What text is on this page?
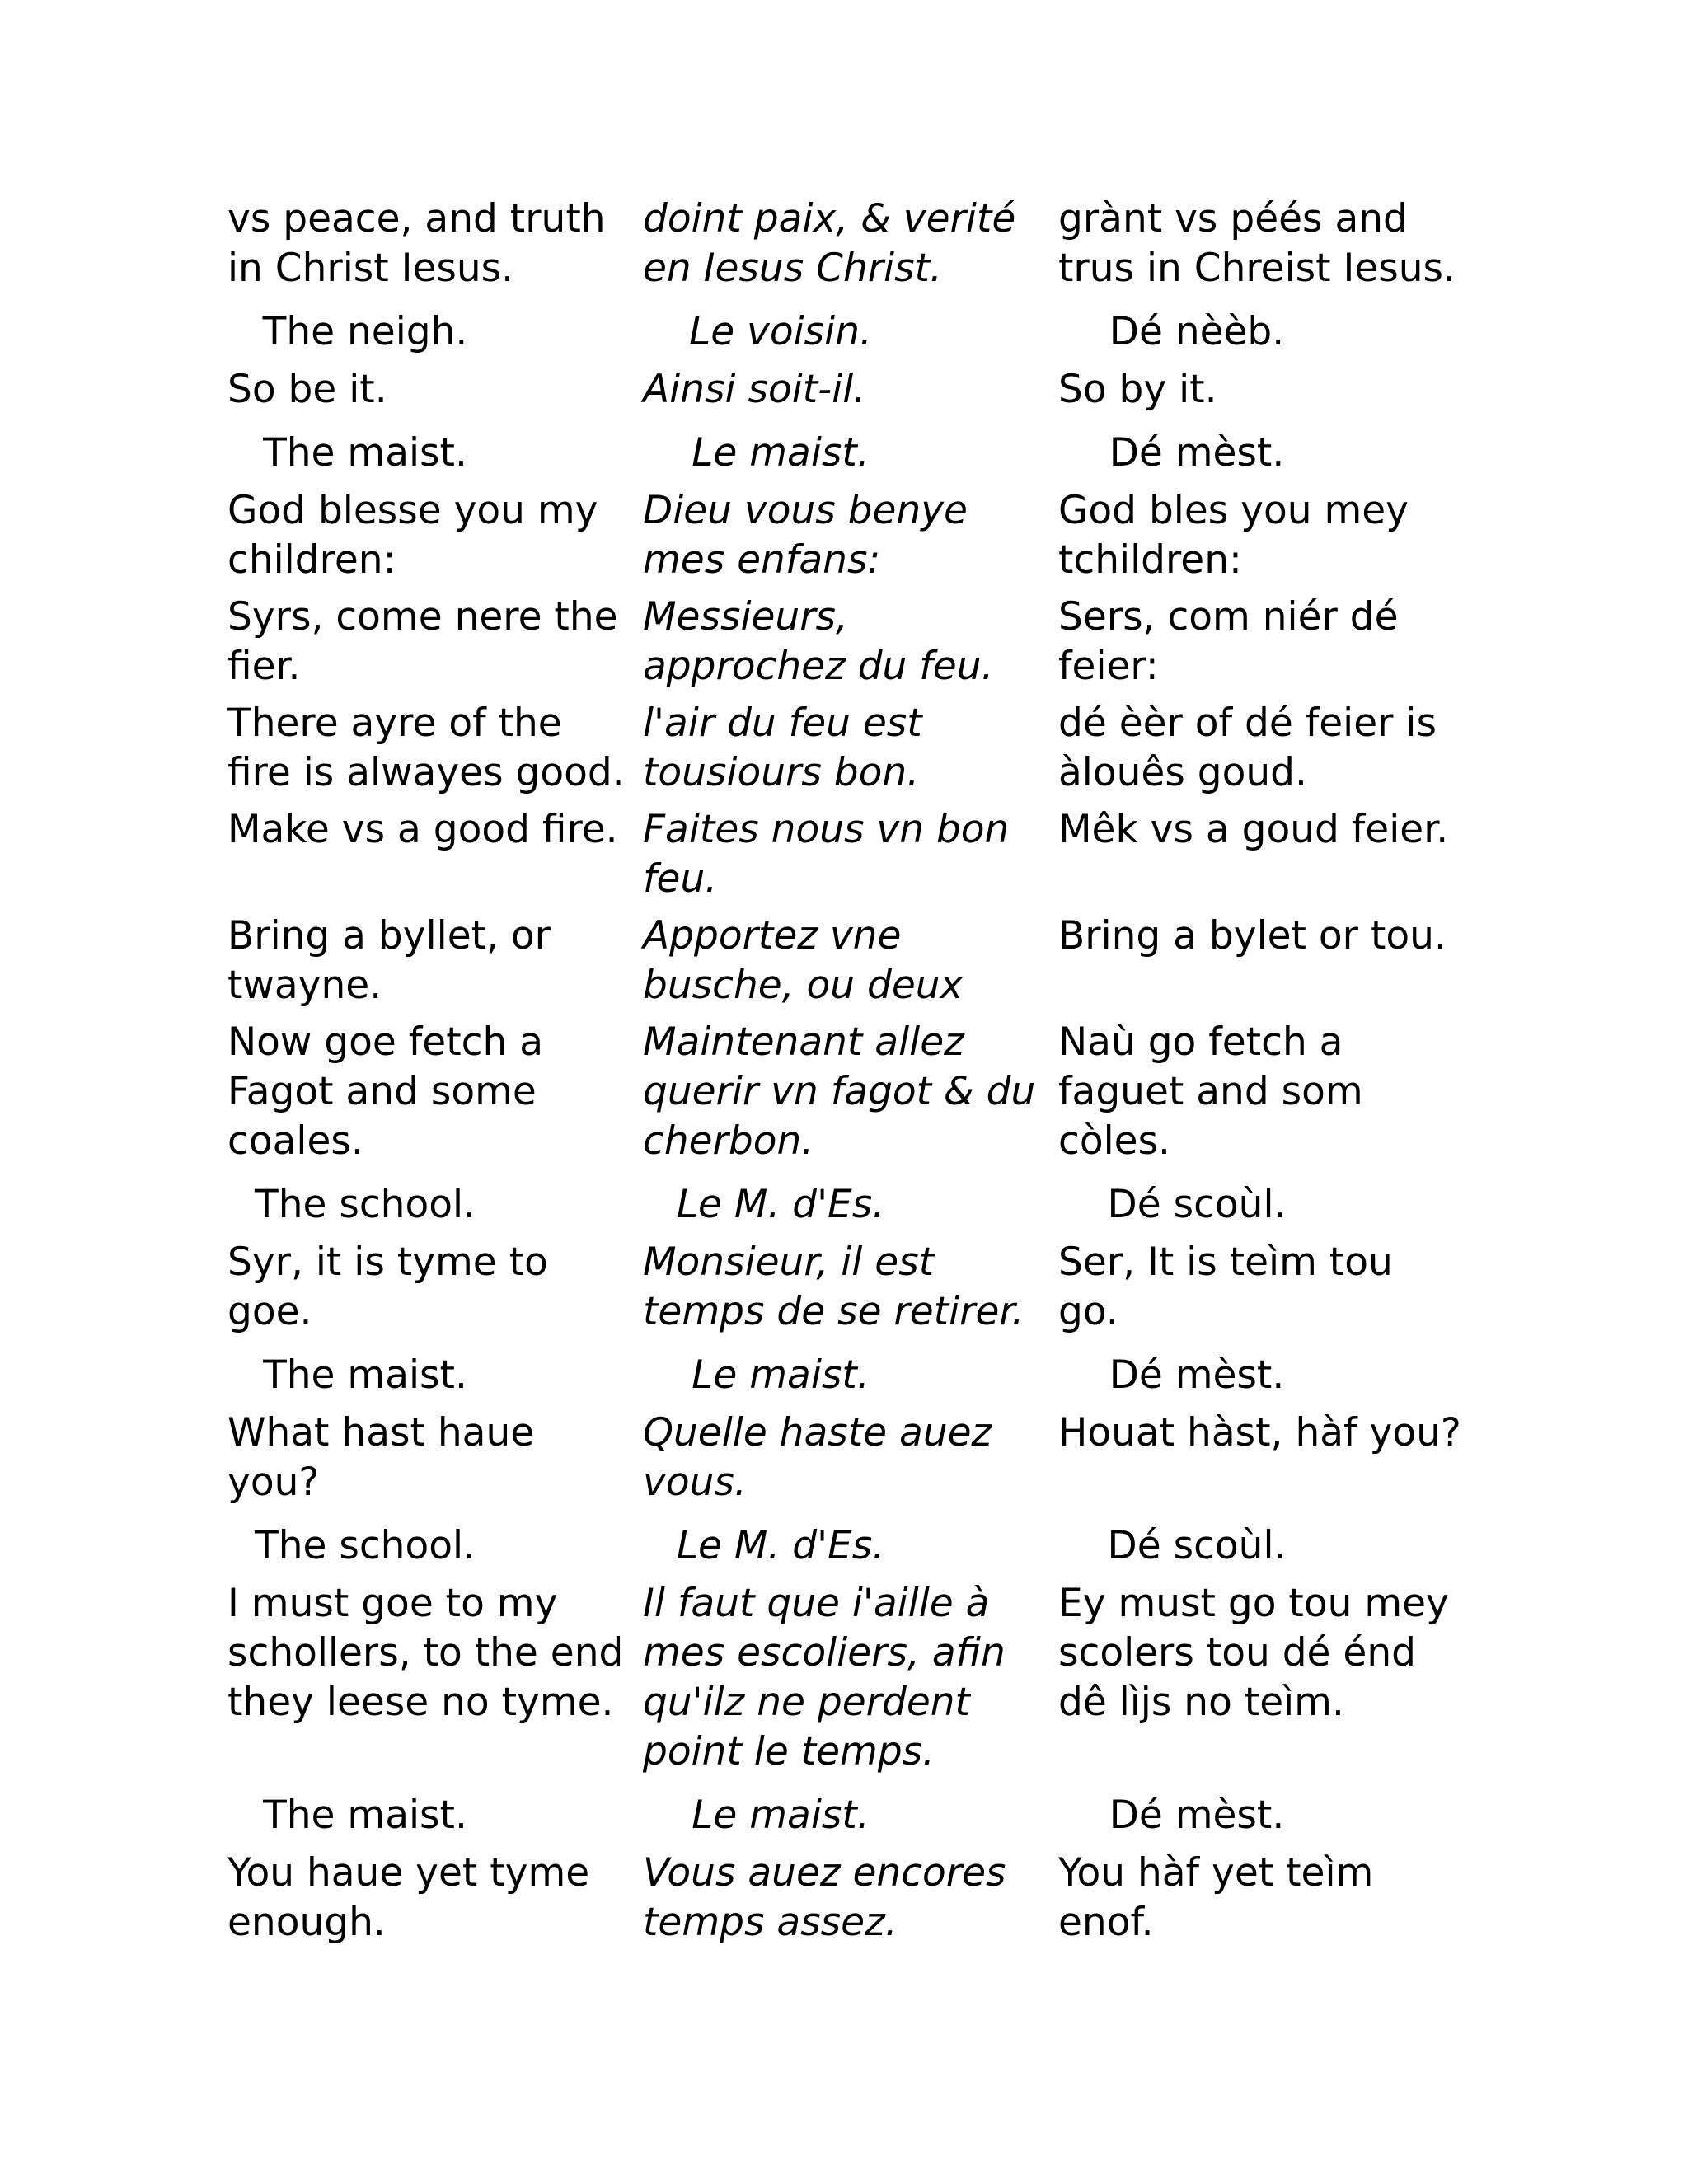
vs peace, and truth in Christ Iesus.	doint paix, & verité en Iesus Christ.	grànt vs péés and trus in Chreist Iesus.
The neigh.	Le voisin.	Dé nèèb.
So be it.	Ainsi soit-il.	So by it.
The maist.	Le maist.	Dé mèst.
God blesse you my children:	Dieu vous benye mes enfans:	God bles you mey tchildren:
Syrs, come nere the fier.	Messieurs, approchez du feu.	Sers, com niér dé feier:
There ayre of the fire is alwayes good.	l'air du feu est tousiours bon.	dé èèr of dé feier is àlouês goud.
Make vs a good fire.	Faites nous vn bon feu.	Mêk vs a goud feier.
Bring a byllet, or twayne.	Apportez vne busche, ou deux	Bring a bylet or tou.
Now goe fetch a Fagot and some coales.	Maintenant allez querir vn fagot & du cherbon.	Naù go fetch a faguet and som còles.
The school.	Le M. d'Es.	Dé scoùl.
Syr, it is tyme to goe.	Monsieur, il est temps de se retirer.	Ser, It is teìm tou go.
The maist.	Le maist.	Dé mèst.
What hast haue you?	Quelle haste auez vous.	Houat hàst, hàf you?
The school.	Le M. d'Es.	Dé scoùl.
I must goe to my schollers, to the end they leese no tyme.	Il faut que i'aille à mes escoliers, afin qu'ilz ne perdent point le temps.	Ey must go tou mey scolers tou dé énd dê lìjs no teìm.
The maist.	Le maist.	Dé mèst.
You haue yet tyme enough.	Vous auez encores temps assez.	You hàf yet teìm enof.
